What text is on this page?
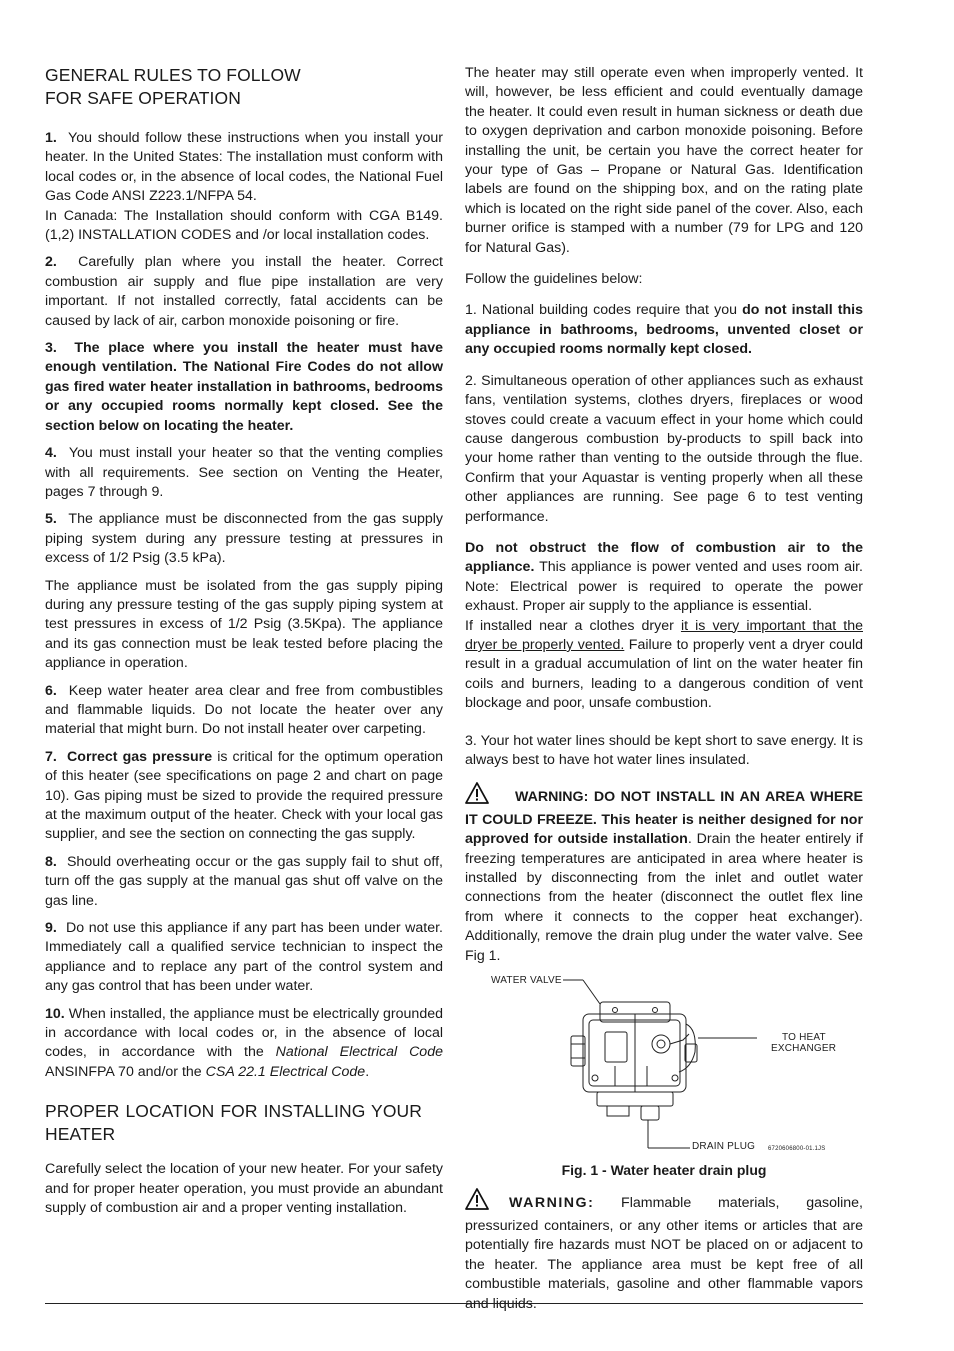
GENERAL RULES TO FOLLOW
FOR SAFE OPERATION

1. You should follow these instructions when you install your heater. In the United States: The installation must conform with local codes or, in the absence of local codes, the National Fuel Gas Code ANSI Z223.1/NFPA 54.
In Canada: The Installation should conform with CGA B149.(1,2) INSTALLATION CODES and /or local installation codes.

2. Carefully plan where you install the heater. Correct combustion air supply and flue pipe installation are very important. If not installed correctly, fatal accidents can be caused by lack of air, carbon monoxide poisoning or fire.

3. The place where you install the heater must have enough ventilation. The National Fire Codes do not allow gas fired water heater installation in bathrooms, bedrooms or any occupied rooms normally kept closed. See the section below on locating the heater.

4. You must install your heater so that the venting complies with all requirements. See section on Venting the Heater, pages 7 through 9.

5. The appliance must be disconnected from the gas supply piping system during any pressure testing at pressures in excess of 1/2 Psig (3.5 kPa).

The appliance must be isolated from the gas supply piping during any pressure testing of the gas supply piping system at test pressures in excess of 1/2 Psig (3.5Kpa). The appliance and its gas connection must be leak tested before placing the appliance in operation.

6. Keep water heater area clear and free from combustibles and flammable liquids. Do not locate the heater over any material that might burn. Do not install heater over carpeting.

7. Correct gas pressure is critical for the optimum operation of this heater (see specifications on page 2 and chart on page 10). Gas piping must be sized to provide the required pressure at the maximum output of the heater. Check with your local gas supplier, and see the section on connecting the gas supply.

8. Should overheating occur or the gas supply fail to shut off, turn off the gas supply at the manual gas shut off valve on the gas line.

9. Do not use this appliance if any part has been under water. Immediately call a qualified service technician to inspect the appliance and to replace any part of the control system and any gas control that has been under water.

10. When installed, the appliance must be electrically grounded in accordance with local codes or, in the absence of local codes, in accordance with the National Electrical Code ANSINFPA 70 and/or the CSA 22.1 Electrical Code.

PROPER LOCATION FOR INSTALLING YOUR HEATER

Carefully select the location of your new heater. For your safety and for proper heater operation, you must provide an abundant supply of combustion air and a proper venting installation.

The heater may still operate even when improperly vented. It will, however, be less efficient and could eventually damage the heater. It could even result in human sickness or death due to oxygen deprivation and carbon monoxide poisoning. Before installing the unit, be certain you have the correct heater for your type of Gas – Propane or Natural Gas. Identification labels are found on the shipping box, and on the rating plate which is located on the right side panel of the cover. Also, each burner orifice is stamped with a number (79 for LPG and 120 for Natural Gas).

Follow the guidelines below:

1. National building codes require that you do not install this appliance in bathrooms, bedrooms, unvented closet or any occupied rooms normally kept closed.

2. Simultaneous operation of other appliances such as exhaust fans, ventilation systems, clothes dryers, fireplaces or wood stoves could create a vacuum effect in your home which could cause dangerous combustion by-products to spill back into your home rather than venting to the outside through the flue. Confirm that your Aquastar is venting properly when all these other appliances are running. See page 6 to test venting performance.

Do not obstruct the flow of combustion air to the appliance. This appliance is power vented and uses room air. Note: Electrical power is required to operate the power exhaust. Proper air supply to the appliance is essential.

If installed near a clothes dryer it is very important that the dryer be properly vented. Failure to properly vent a dryer could result in a gradual accumulation of lint on the water heater fin coils and burners, leading to a dangerous condition of vent blockage and poor, unsafe combustion.

3. Your hot water lines should be kept short to save energy. It is always best to have hot water lines insulated.

WARNING: DO NOT INSTALL IN AN AREA WHERE IT COULD FREEZE. This heater is neither designed for nor approved for outside installation. Drain the heater entirely if freezing temperatures are anticipated in area where heater is installed by disconnecting from the inlet and outlet water connections from the heater (disconnect the outlet flex line from where it connects to the copper heat exchanger). Additionally, remove the drain plug under the water valve. See Fig 1.

WATER VALVE
TO HEAT
EXCHANGER
DRAIN PLUG 6720606800-01.1JS
Fig. 1 - Water heater drain plug

WARNING: Flammable materials, gasoline, pressurized containers, or any other items or articles that are potentially fire hazards must NOT be placed on or adjacent to the heater. The appliance area must be kept free of all combustible materials, gasoline and other flammable vapors and liquids.
